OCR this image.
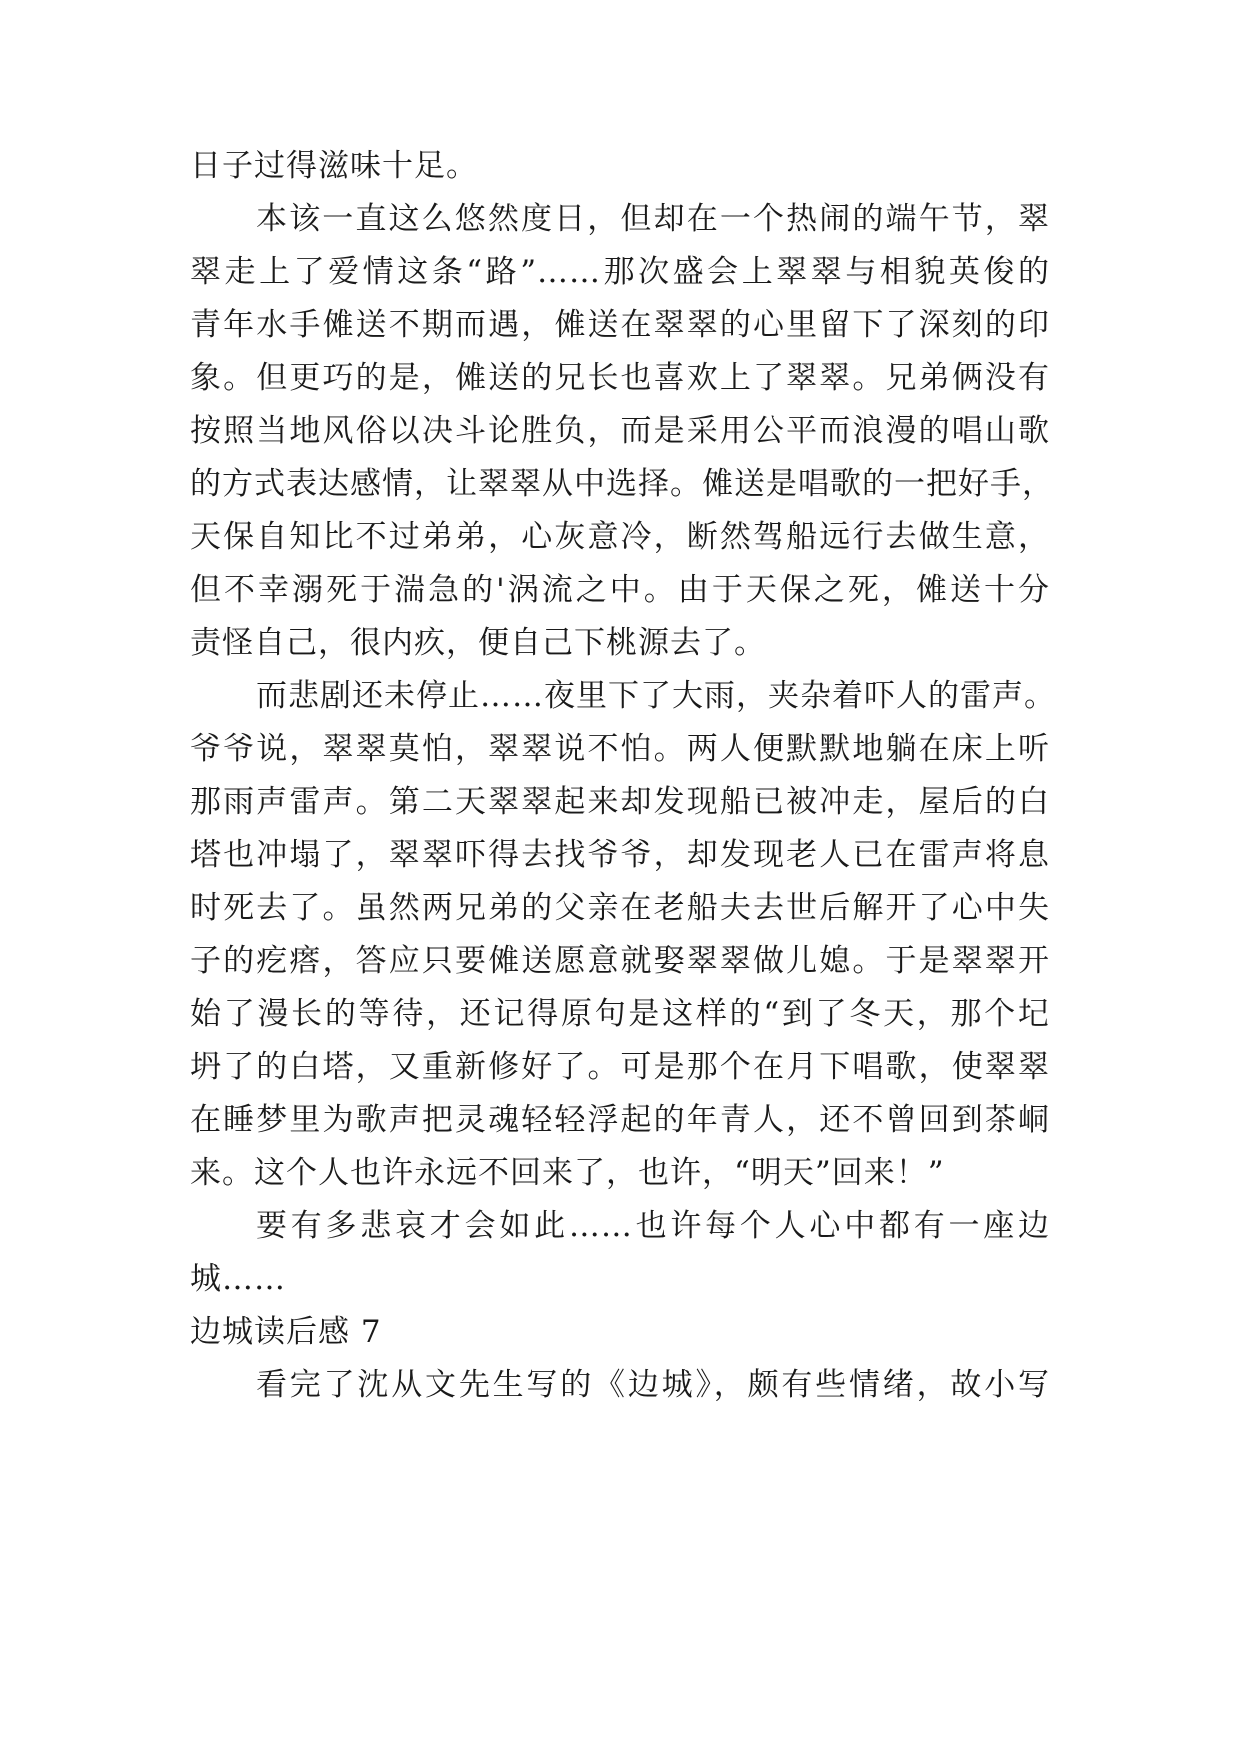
日子过得滋味十足。
本该一直这么悠然度日，但却在一个热闹的端午节，翠
翠走上了爱情这条“路”……那次盛会上翠翠与相貌英俊的
青年水手傩送不期而遇，傩送在翠翠的心里留下了深刻的印
象。但更巧的是，傩送的兄长也喜欢上了翠翠。兄弟俩没有
按照当地风俗以决斗论胜负，而是采用公平而浪漫的唱山歌
的方式表达感情，让翠翠从中选择。傩送是唱歌的一把好手，
天保自知比不过弟弟，心灰意冷，断然驾船远行去做生意，
但不幸溺死于湍急的'涡流之中。由于天保之死，傩送十分
责怪自己，很内疚，便自己下桃源去了。
而悲剧还未停止……夜里下了大雨，夹杂着吓人的雷声。
爷爷说，翠翠莫怕，翠翠说不怕。两人便默默地躺在床上听
那雨声雷声。第二天翠翠起来却发现船已被冲走，屋后的白
塔也冲塌了，翠翠吓得去找爷爷，却发现老人已在雷声将息
时死去了。虽然两兄弟的父亲在老船夫去世后解开了心中失
子的疙瘩，答应只要傩送愿意就娶翠翠做儿媳。于是翠翠开
始了漫长的等待，还记得原句是这样的“到了冬天，那个圮
坍了的白塔，又重新修好了。可是那个在月下唱歌，使翠翠
在睡梦里为歌声把灵魂轻轻浮起的年青人，还不曾回到茶峒
来。这个人也许永远不回来了，也许，“明天”回来！”
要有多悲哀才会如此……也许每个人心中都有一座边
城……
边城读后感 7
看完了沈从文先生写的《边城》，颇有些情绪，故小写
